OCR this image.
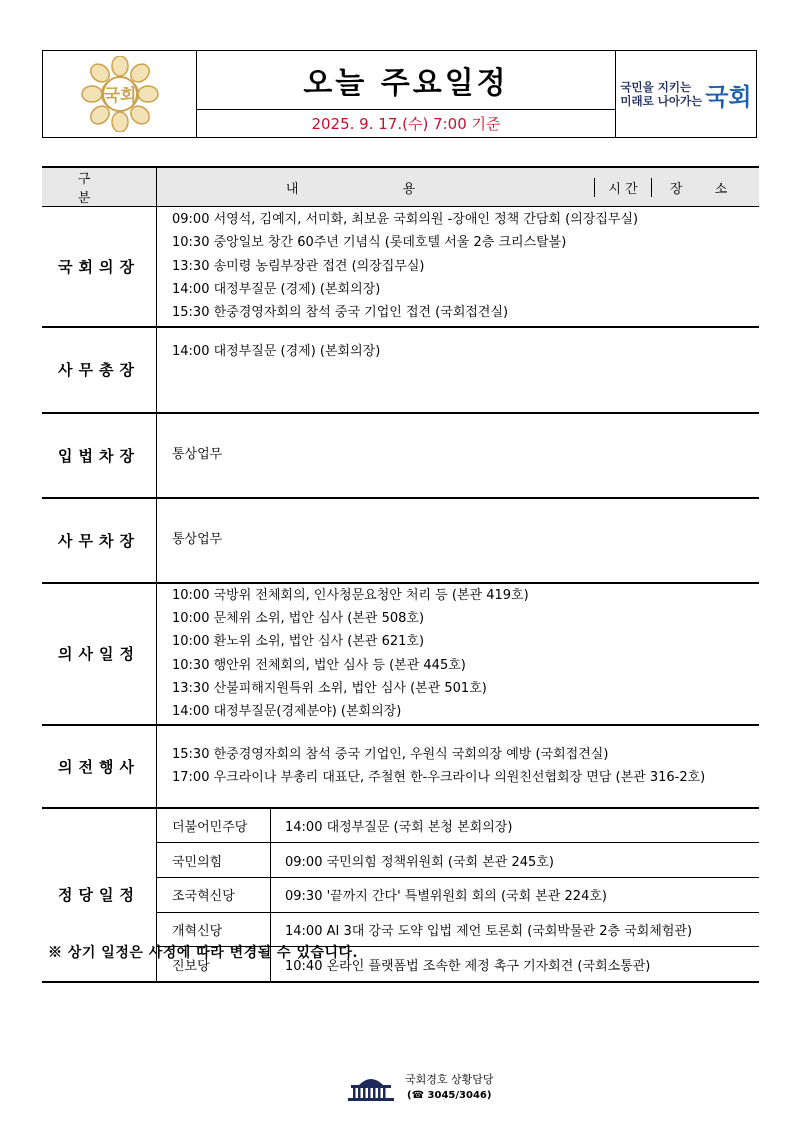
국회	오늘 주요일정
2025. 9. 17.(수) 7:00 기준
국민을 지키는
미래로 나아가는 국회
구 분	
내 용	시 간	장 소

국회의장	
09:00 서영석, 김예지, 서미화, 최보윤 국회의원 -장애인 정책 간담회 (의장집무실)
10:30 중앙일보 창간 60주년 기념식 (롯데호텔 서울 2층 크리스탈볼)
13:30 송미령 농림부장관 접견 (의장집무실)
14:00 대정부질문 (경제) (본회의장)
15:30 한중경영자회의 참석 중국 기업인 접견 (국회접견실)

사무총장	
14:00 대정부질문 (경제) (본회의장)

입법차장	통상업무

사무차장	통상업무

의사일정	
10:00 국방위 전체회의, 인사청문요청안 처리 등 (본관 419호)
10:00 문체위 소위, 법안 심사 (본관 508호)
10:00 환노위 소위, 법안 심사 (본관 621호)
10:30 행안위 전체회의, 법안 심사 등 (본관 445호)
13:30 산불피해지원특위 소위, 법안 심사 (본관 501호)
14:00 대정부질문(경제분야) (본회의장)

의전행사	
15:30 한중경영자회의 참석 중국 기업인, 우원식 국회의장 예방 (국회접견실)
17:00 우크라이나 부총리 대표단, 주철현 한-우크라이나 의원친선협회장 면담 (본관 316-2호)

정당일정	
더불어민주당	14:00 대정부질문 (국회 본청 본회의장)
국민의힘	09:00 국민의힘 정책위원회 (국회 본관 245호)
조국혁신당	09:30 '끝까지 간다' 특별위원회 회의 (국회 본관 224호)
개혁신당	14:00 AI 3대 강국 도약 입법 제언 토론회 (국회박물관 2층 국회체험관)
진보당	10:40 온라인 플랫폼법 조속한 제정 촉구 기자회견 (국회소통관)
※ 상기 일정은 사정에 따라 변경될 수 있습니다.
국회경호 상황담당
(☎ 3045/3046)
